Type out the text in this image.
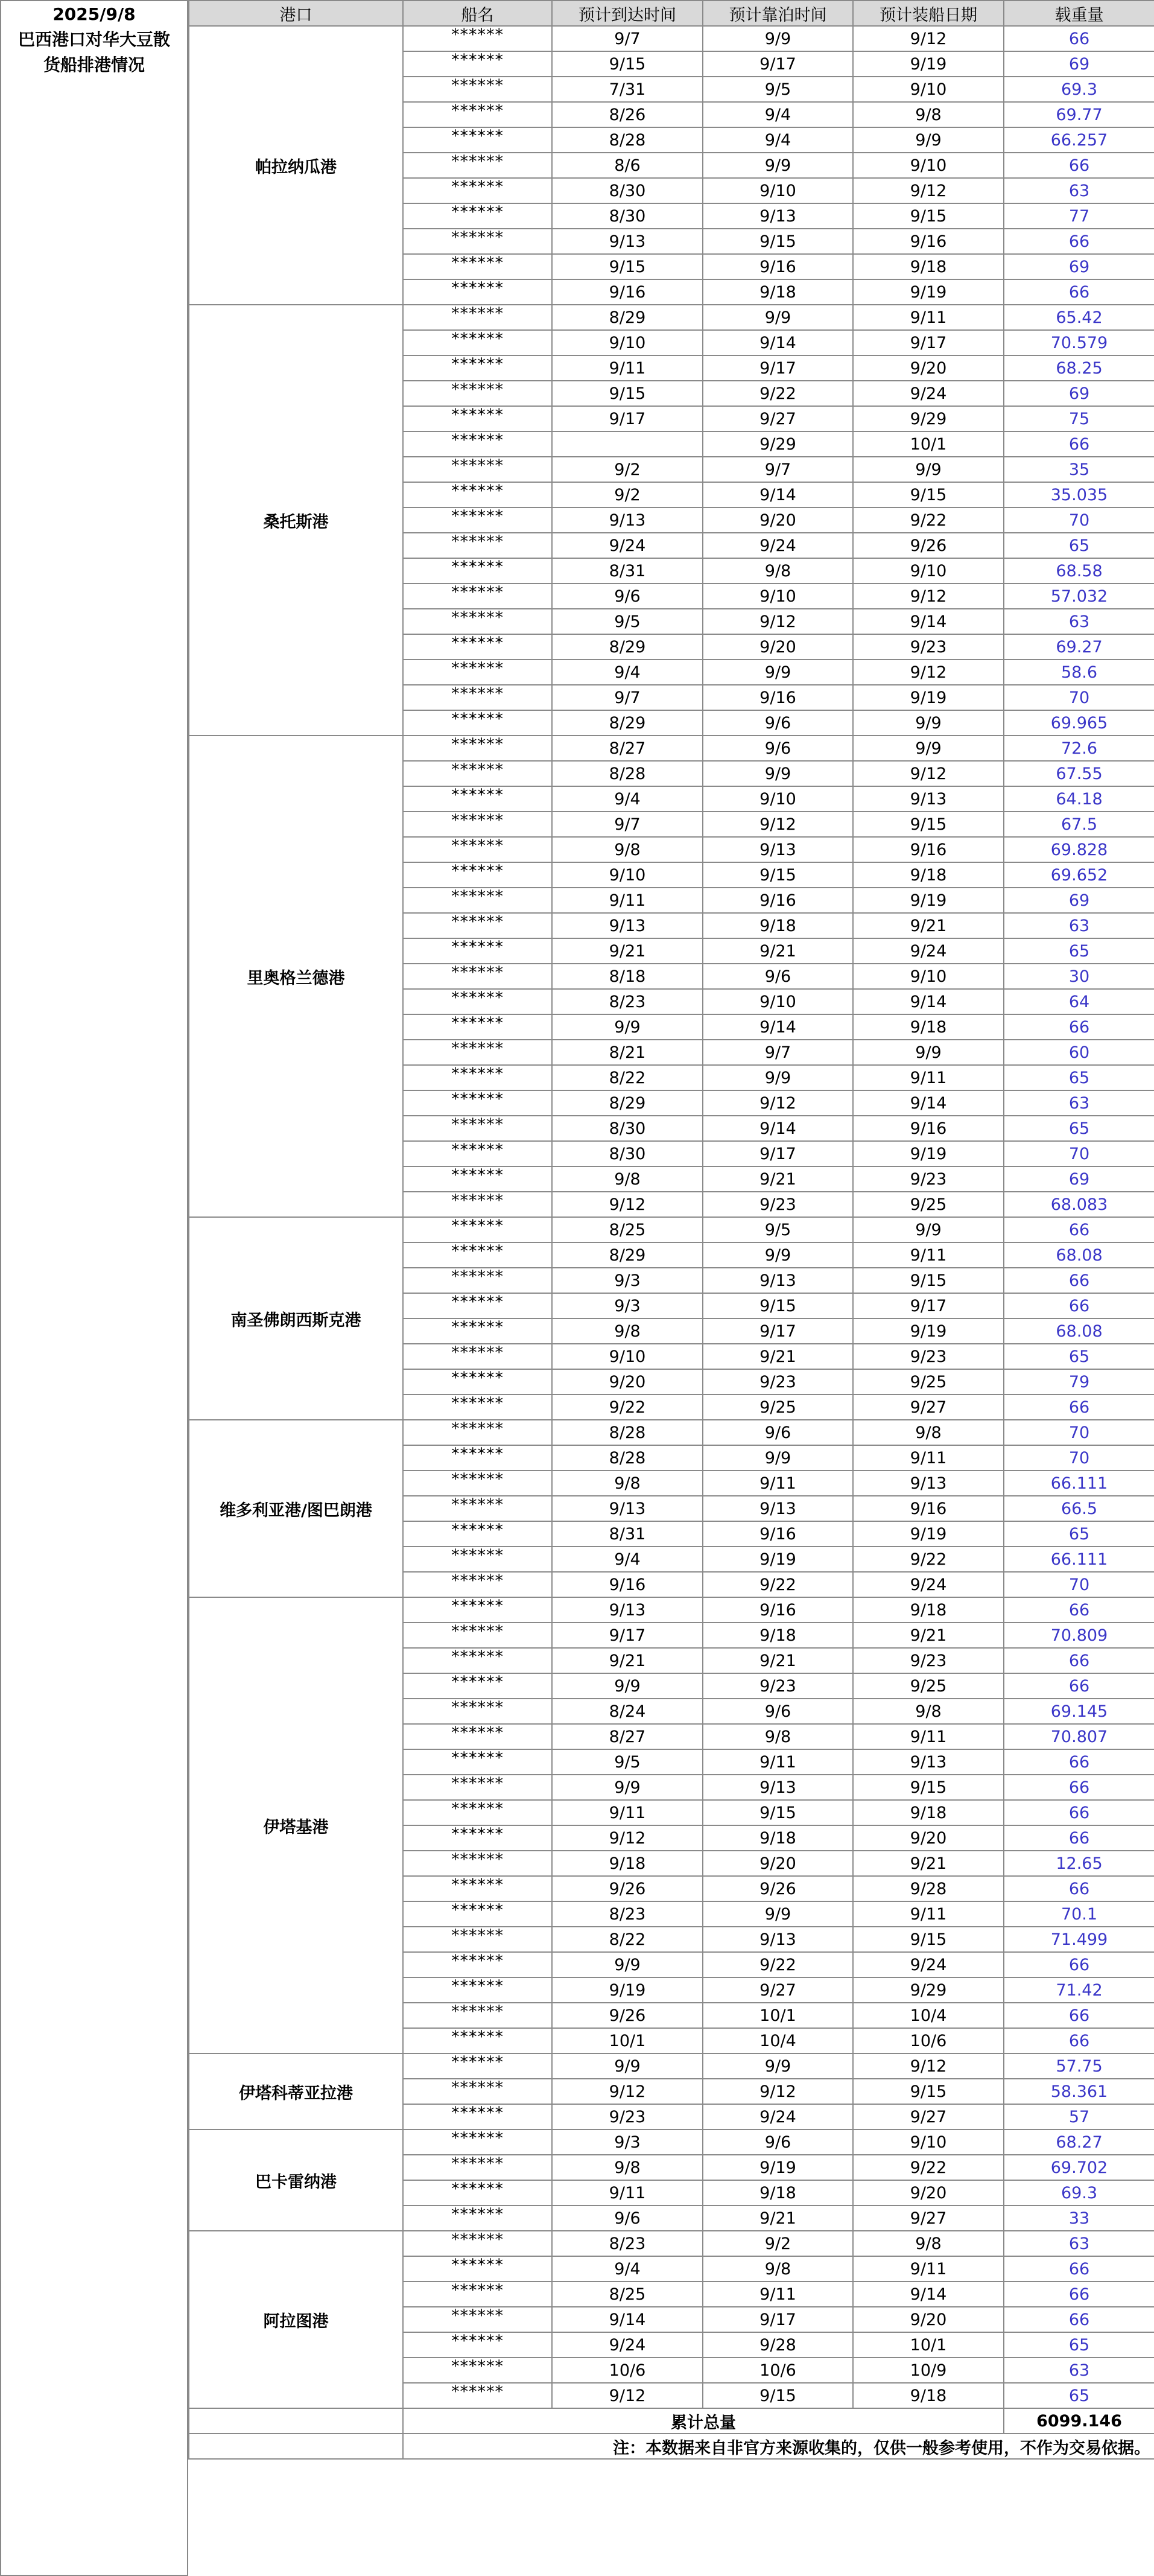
2025/9/8
巴西港口对华大豆散
货船排港情况
港口	船名	预计到达时间	预计靠泊时间	预计装船日期	载重量
帕拉纳瓜港	******	9/7	9/9	9/12	66
	******	9/15	9/17	9/19	69
	******	7/31	9/5	9/10	69.3
	******	8/26	9/4	9/8	69.77
	******	8/28	9/4	9/9	66.257
	******	8/6	9/9	9/10	66
	******	8/30	9/10	9/12	63
	******	8/30	9/13	9/15	77
	******	9/13	9/15	9/16	66
	******	9/15	9/16	9/18	69
	******	9/16	9/18	9/19	66
桑托斯港	******	8/29	9/9	9/11	65.42
	******	9/10	9/14	9/17	70.579
	******	9/11	9/17	9/20	68.25
	******	9/15	9/22	9/24	69
	******	9/17	9/27	9/29	75
	******		9/29	10/1	66
	******	9/2	9/7	9/9	35
	******	9/2	9/14	9/15	35.035
	******	9/13	9/20	9/22	70
	******	9/24	9/24	9/26	65
	******	8/31	9/8	9/10	68.58
	******	9/6	9/10	9/12	57.032
	******	9/5	9/12	9/14	63
	******	8/29	9/20	9/23	69.27
	******	9/4	9/9	9/12	58.6
	******	9/7	9/16	9/19	70
	******	8/29	9/6	9/9	69.965
里奥格兰德港	******	8/27	9/6	9/9	72.6
	******	8/28	9/9	9/12	67.55
	******	9/4	9/10	9/13	64.18
	******	9/7	9/12	9/15	67.5
	******	9/8	9/13	9/16	69.828
	******	9/10	9/15	9/18	69.652
	******	9/11	9/16	9/19	69
	******	9/13	9/18	9/21	63
	******	9/21	9/21	9/24	65
	******	8/18	9/6	9/10	30
	******	8/23	9/10	9/14	64
	******	9/9	9/14	9/18	66
	******	8/21	9/7	9/9	60
	******	8/22	9/9	9/11	65
	******	8/29	9/12	9/14	63
	******	8/30	9/14	9/16	65
	******	8/30	9/17	9/19	70
	******	9/8	9/21	9/23	69
	******	9/12	9/23	9/25	68.083
南圣佛朗西斯克港	******	8/25	9/5	9/9	66
	******	8/29	9/9	9/11	68.08
	******	9/3	9/13	9/15	66
	******	9/3	9/15	9/17	66
	******	9/8	9/17	9/19	68.08
	******	9/10	9/21	9/23	65
	******	9/20	9/23	9/25	79
	******	9/22	9/25	9/27	66
维多利亚港/图巴朗港	******	8/28	9/6	9/8	70
	******	8/28	9/9	9/11	70
	******	9/8	9/11	9/13	66.111
	******	9/13	9/13	9/16	66.5
	******	8/31	9/16	9/19	65
	******	9/4	9/19	9/22	66.111
	******	9/16	9/22	9/24	70
伊塔基港	******	9/13	9/16	9/18	66
	******	9/17	9/18	9/21	70.809
	******	9/21	9/21	9/23	66
	******	9/9	9/23	9/25	66
	******	8/24	9/6	9/8	69.145
	******	8/27	9/8	9/11	70.807
	******	9/5	9/11	9/13	66
	******	9/9	9/13	9/15	66
	******	9/11	9/15	9/18	66
	******	9/12	9/18	9/20	66
	******	9/18	9/20	9/21	12.65
	******	9/26	9/26	9/28	66
	******	8/23	9/9	9/11	70.1
	******	8/22	9/13	9/15	71.499
	******	9/9	9/22	9/24	66
	******	9/19	9/27	9/29	71.42
	******	9/26	10/1	10/4	66
	******	10/1	10/4	10/6	66
伊塔科蒂亚拉港	******	9/9	9/9	9/12	57.75
	******	9/12	9/12	9/15	58.361
	******	9/23	9/24	9/27	57
巴卡雷纳港	******	9/3	9/6	9/10	68.27
	******	9/8	9/19	9/22	69.702
	******	9/11	9/18	9/20	69.3
	******	9/6	9/21	9/27	33
阿拉图港	******	8/23	9/2	9/8	63
	******	9/4	9/8	9/11	66
	******	8/25	9/11	9/14	66
	******	9/14	9/17	9/20	66
	******	9/24	9/28	10/1	65
	******	10/6	10/6	10/9	63
	******	9/12	9/15	9/18	65
	累计总量				6099.146
	注：本数据来自非官方来源收集的，仅供一般参考使用，不作为交易依据。				
